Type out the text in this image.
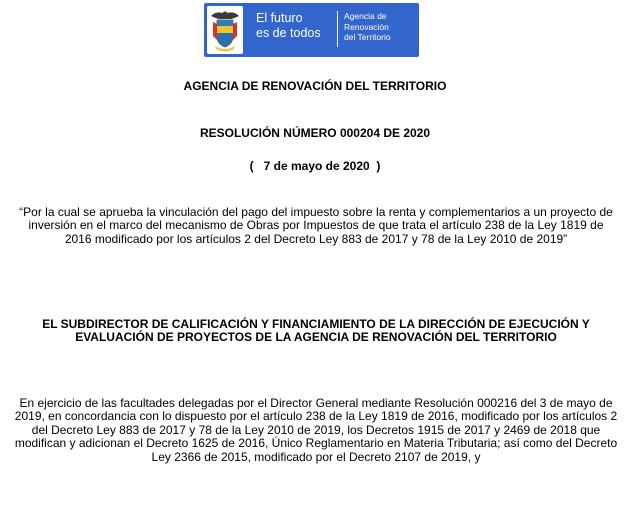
El futuro
es de todos
Agencia de
Renovación
del Territorio
AGENCIA DE RENOVACIÓN DEL TERRITORIO
RESOLUCIÓN NÚMERO 000204 DE 2020
(   7 de mayo de 2020  )
“Por la cual se aprueba la vinculación del pago del impuesto sobre la renta y complementarios a un proyecto de inversión en el marco del mecanismo de Obras por Impuestos de que trata el artículo 238 de la Ley 1819 de 2016 modificado por los artículos 2 del Decreto Ley 883 de 2017 y 78 de la Ley 2010 de 2019”
EL SUBDIRECTOR DE CALIFICACIÓN Y FINANCIAMIENTO DE LA DIRECCIÓN DE EJECUCIÓN Y EVALUACIÓN DE PROYECTOS DE LA AGENCIA DE RENOVACIÓN DEL TERRITORIO
En ejercicio de las facultades delegadas por el Director General mediante Resolución 000216 del 3 de mayo de 2019, en concordancia con lo dispuesto por el artículo 238 de la Ley 1819 de 2016, modificado por los artículos 2 del Decreto Ley 883 de 2017 y 78 de la Ley 2010 de 2019, los Decretos 1915 de 2017 y 2469 de 2018 que modifican y adicionan el Decreto 1625 de 2016, Único Reglamentario en Materia Tributaria; así como del Decreto Ley 2366 de 2015, modificado por el Decreto 2107 de 2019, y
